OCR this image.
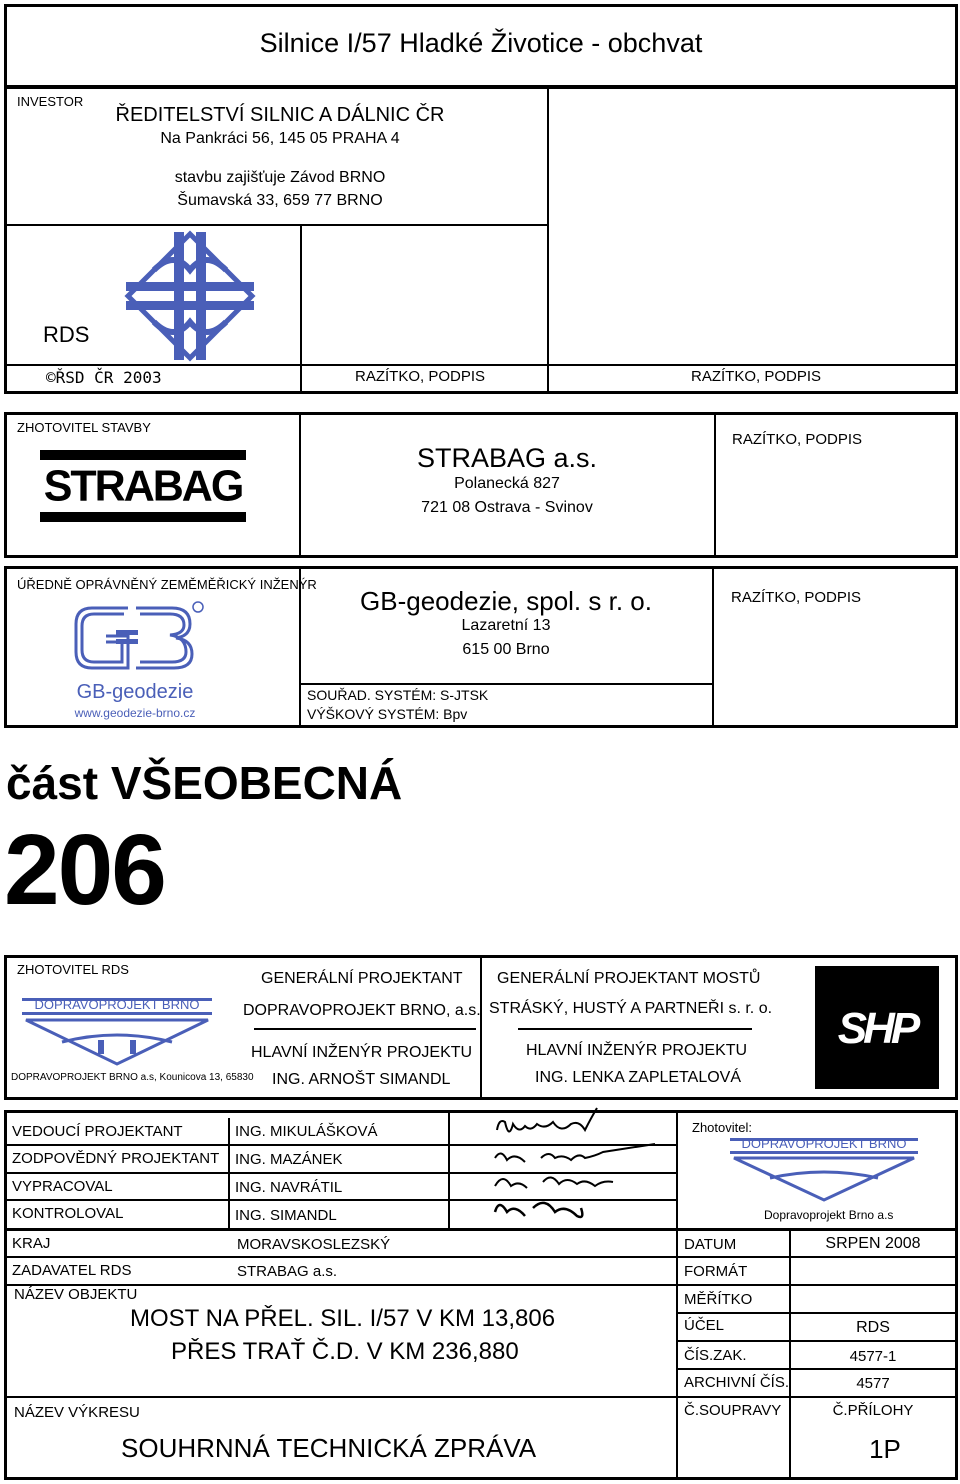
Silnice I/57 Hladké Životice - obchvat
INVESTOR
ŘEDITELSTVÍ SILNIC A DÁLNIC ČR
Na Pankráci 56, 145 05 PRAHA 4
stavbu zajišťuje Závod BRNO
Šumavská 33, 659 77 BRNO
RDS
©ŘSD ČR 2003	RAZÍTKO, PODPIS	RAZÍTKO, PODPIS
ZHOTOVITEL STAVBY
STRABAG
STRABAG a.s.
Polanecká 827
721 08 Ostrava - Svinov
RAZÍTKO, PODPIS
ÚŘEDNĚ OPRÁVNĚNÝ ZEMĚMĚŘICKÝ INŽENÝR
GB-geodezie
www.geodezie-brno.cz
GB-geodezie, spol. s r. o.
Lazaretní 13
615 00 Brno
RAZÍTKO, PODPIS
SOUŘAD. SYSTÉM: S-JTSK
VÝŠKOVÝ SYSTÉM: Bpv
část VŠEOBECNÁ
206
ZHOTOVITEL RDS
DOPRAVOPROJEKT BRNO
DOPRAVOPROJEKT BRNO a.s, Kounicova 13, 65830
GENERÁLNÍ PROJEKTANT
DOPRAVOPROJEKT BRNO, a.s.
HLAVNÍ INŽENÝR PROJEKTU
ING. ARNOŠT SIMANDL
GENERÁLNÍ PROJEKTANT MOSTŮ
STRÁSKÝ, HUSTÝ A PARTNEŘI s. r. o.
HLAVNÍ INŽENÝR PROJEKTU
ING. LENKA ZAPLETALOVÁ
SHP
VEDOUCÍ PROJEKTANT	ING. MIKULÁŠKOVÁ
ZODPOVĚDNÝ PROJEKTANT ING. MAZÁNEK
VYPRACOVAL	ING. NAVRÁTIL
KONTROLOVAL	ING. SIMANDL
Zhotovitel:
DOPRAVOPROJEKT BRNO
Dopravoprojekt Brno a.s
KRAJ	MORAVSKOSLEZSKÝ
ZADAVATEL RDS	STRABAG a.s.
NÁZEV OBJEKTU
MOST NA PŘEL. SIL. I/57 V KM 13,806
PŘES TRAŤ Č.D. V KM 236,880
NÁZEV VÝKRESU
SOUHRNNÁ TECHNICKÁ ZPRÁVA
DATUM	SRPEN 2008
FORMÁT
MĚŘÍTKO
ÚČEL	RDS
ČÍS.ZAK.	4577-1
ARCHIVNÍ ČÍS.	4577
Č.SOUPRAVY	Č.PŘÍLOHY
1P
